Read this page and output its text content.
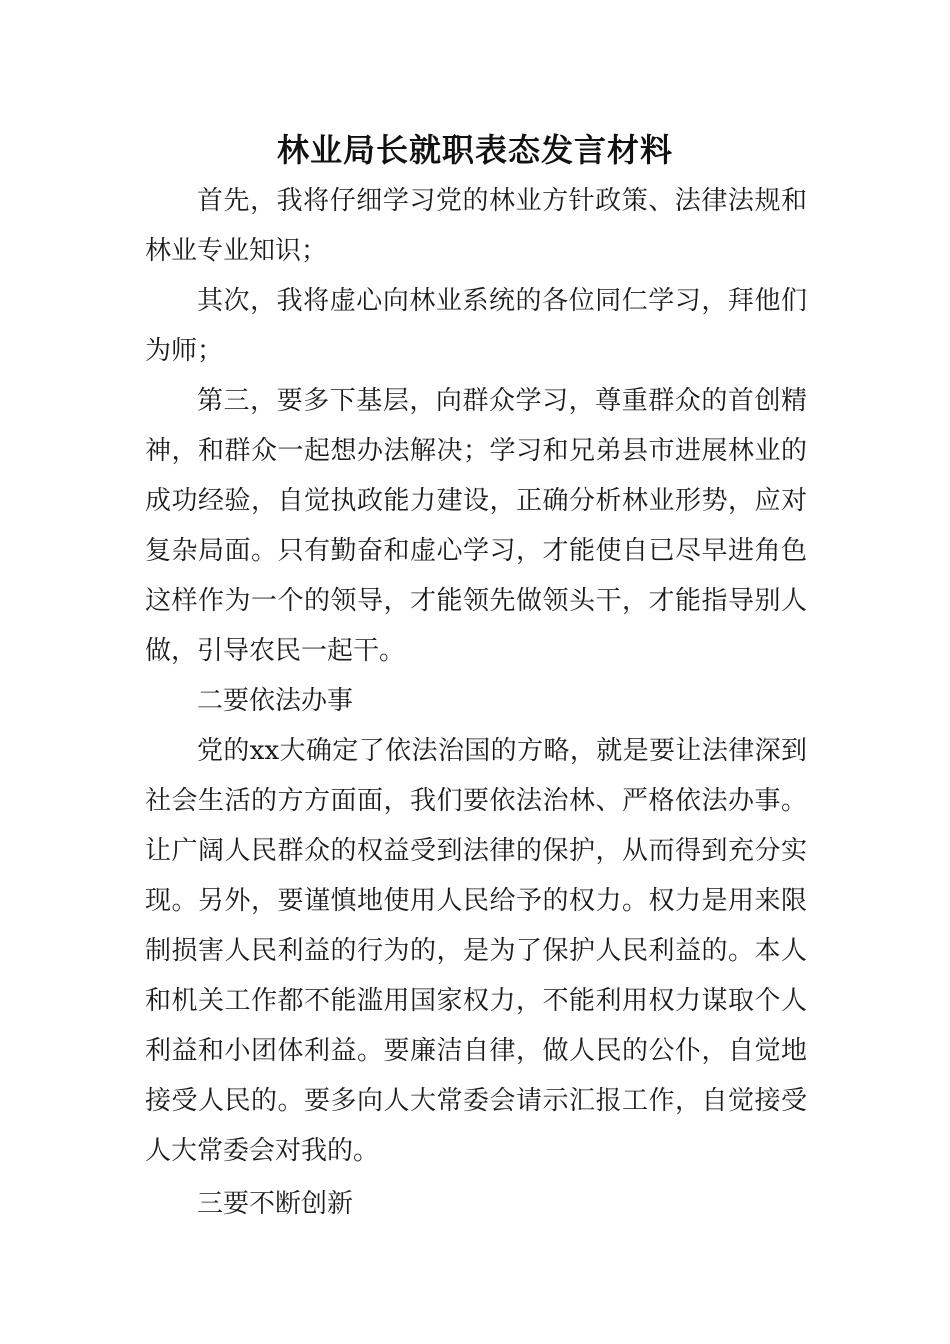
林业局长就职表态发言材料

首先，我将仔细学习党的林业方针政策、法律法规和林业专业知识；

其次，我将虚心向林业系统的各位同仁学习，拜他们为师；

第三，要多下基层，向群众学习，尊重群众的首创精神，和群众一起想办法解决；学习和兄弟县市进展林业的成功经验，自觉执政能力建设，正确分析林业形势，应对复杂局面。只有勤奋和虚心学习，才能使自已尽早进角色这样作为一个的领导，才能领先做领头干，才能指导别人做，引导农民一起干。

二要依法办事

党的xx大确定了依法治国的方略，就是要让法律深到社会生活的方方面面，我们要依法治林、严格依法办事。让广阔人民群众的权益受到法律的保护，从而得到充分实现。另外，要谨慎地使用人民给予的权力。权力是用来限制损害人民利益的行为的，是为了保护人民利益的。本人和机关工作都不能滥用国家权力，不能利用权力谋取个人利益和小团体利益。要廉洁自律，做人民的公仆，自觉地接受人民的。要多向人大常委会请示汇报工作，自觉接受人大常委会对我的。

三要不断创新
